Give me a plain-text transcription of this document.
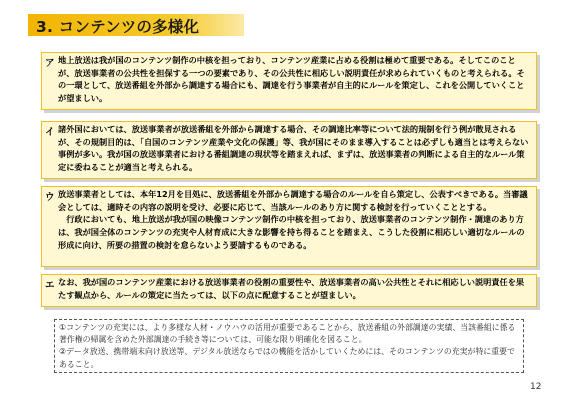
3. コンテンツの多様化
ア 地上放送は我が国のコンテンツ制作の中核を担っており、コンテンツ産業に占める役割は極めて重要である。そしてこのことが、放送事業者の公共性を担保する一つの要素であり、その公共性に相応しい説明責任が求められていくものと考えられる。その一環として、放送番組を外部から調達する場合にも、調達を行う事業者が自主的にルールを策定し、これを公開していくことが望ましい。
イ 諸外国においては、放送事業者が放送番組を外部から調達する場合、その調達比率等について法的規制を行う例が散見されるが、その規制目的は、「自国のコンテンツ産業や文化の保護」等、我が国にそのまま導入することは必ずしも適当とは考えらない事例が多い。我が国の放送事業者における番組調達の現状等を踏まえれば、まずは、放送事業者の判断による自主的なルール策定に委ねることが適当と考えられる。
ウ 放送事業者としては、本年12月を目処に、放送番組を外部から調達する場合のルールを自ら策定し、公表すべきである。当審議会としては、適時その内容の説明を受け、必要に応じて、当該ルールのあり方に関する検討を行っていくこととする。
　行政においても、地上放送が我が国の映像コンテンツ制作の中核を担っており、放送事業者のコンテンツ制作・調達のあり方は、我が国全体のコンテンツの充実や人材育成に大きな影響を持ち得ることを踏まえ、こうした役割に相応しい適切なルールの形成に向け、所要の措置の検討を怠らないよう要請するものである。
エ なお、我が国のコンテンツ産業における放送事業者の役割の重要性や、放送事業者の高い公共性とそれに相応しい説明責任を果たす観点から、ルールの策定に当たっては、以下の点に配意することが望ましい。
①コンテンツの充実には、より多様な人材・ノウハウの活用が重要であることから、放送番組の外部調達の実績、当該番組に係る著作権の帰属を含めた外部調達の手続き等については、可能な限り明確化を図ること。
②データ放送、携帯端末向け放送等、デジタル放送ならではの機能を活かしていくためには、そのコンテンツの充実が特に重要であること。
12
